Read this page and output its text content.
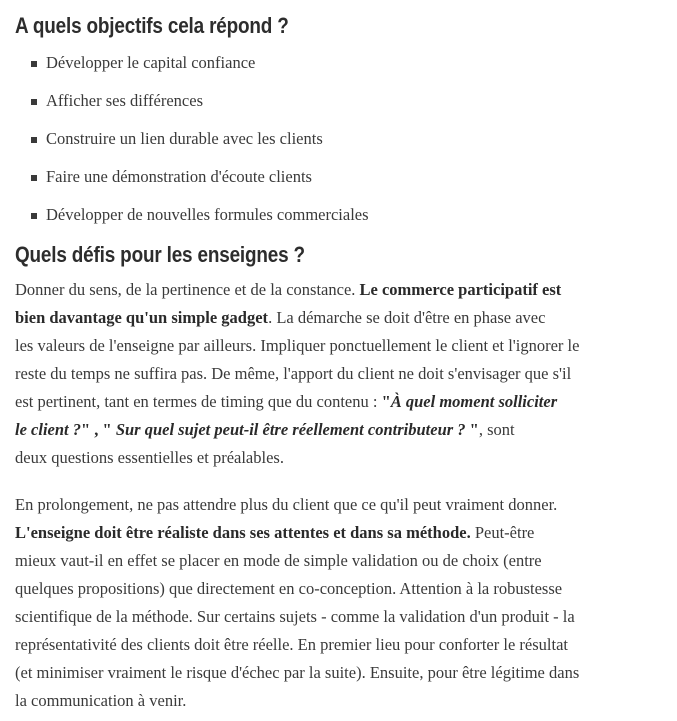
A quels objectifs cela répond ?
Développer le capital confiance
Afficher ses différences
Construire un lien durable avec les clients
Faire une démonstration d'écoute clients
Développer de nouvelles formules commerciales
Quels défis pour les enseignes ?

Donner du sens, de la pertinence et de la constance. Le commerce participatif est
bien davantage qu'un simple gadget. La démarche se doit d'être en phase avec
les valeurs de l'enseigne par ailleurs. Impliquer ponctuellement le client et l'ignorer le
reste du temps ne suffira pas. De même, l'apport du client ne doit s'envisager que s'il
est pertinent, tant en termes de timing que du contenu : "À quel moment solliciter
le client ?" , " Sur quel sujet peut-il être réellement contributeur ? ", sont
deux questions essentielles et préalables.

En prolongement, ne pas attendre plus du client que ce qu'il peut vraiment donner.
L'enseigne doit être réaliste dans ses attentes et dans sa méthode. Peut-être
mieux vaut-il en effet se placer en mode de simple validation ou de choix (entre
quelques propositions) que directement en co-conception. Attention à la robustesse
scientifique de la méthode. Sur certains sujets - comme la validation d'un produit - la
représentativité des clients doit être réelle. En premier lieu pour conforter le résultat
(et minimiser vraiment le risque d'échec par la suite). Ensuite, pour être légitime dans
la communication à venir.
